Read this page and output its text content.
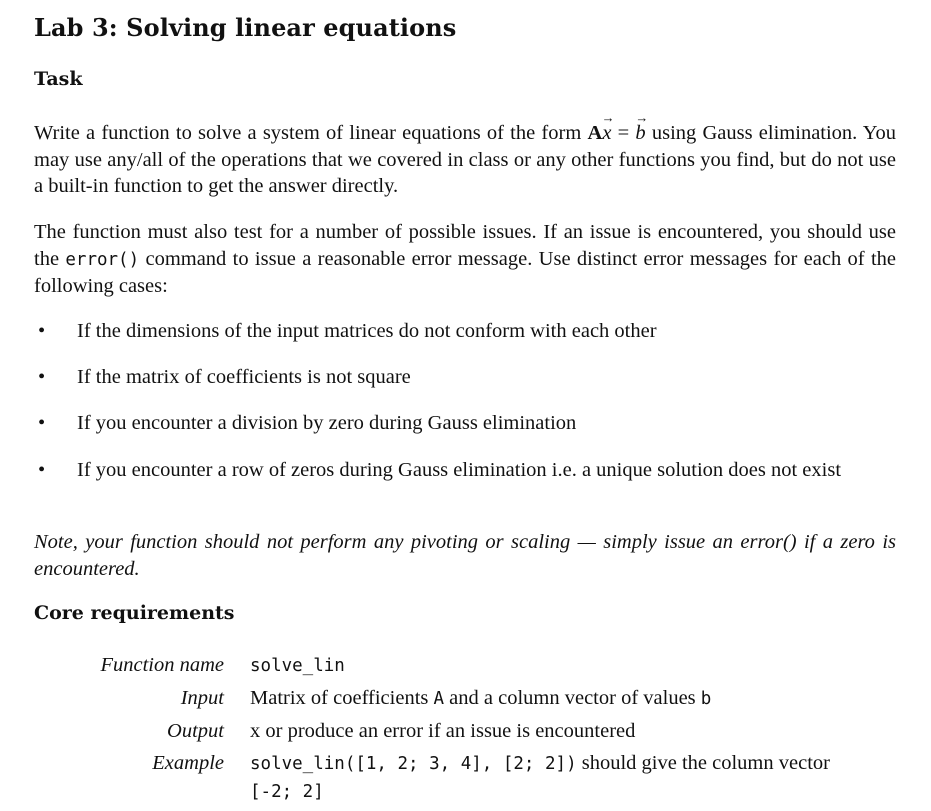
Lab 3: Solving linear equations
Task

Write a function to solve a system of linear equations of the form Ax → = b → using Gauss elimination. You may use any/all of the operations that we covered in class or any other functions you find, but do not use a built-in function to get the answer directly.

The function must also test for a number of possible issues. If an issue is encountered, you should use the error() command to issue a reasonable error message. Use distinct error messages for each of the following cases:

• If the dimensions of the input matrices do not conform with each other
• If the matrix of coefficients is not square
• If you encounter a division by zero during Gauss elimination
• If you encounter a row of zeros during Gauss elimination i.e. a unique solution does not exist

Note, your function should not perform any pivoting or scaling — simply issue an error() if a zero is encountered.

Core requirements
Function name solve_lin
Input Matrix of coefficients A and a column vector of values b
Output x or produce an error if an issue is encountered
Example solve_lin([1, 2; 3, 4], [2; 2]) should give the column vector [-2; 2]
